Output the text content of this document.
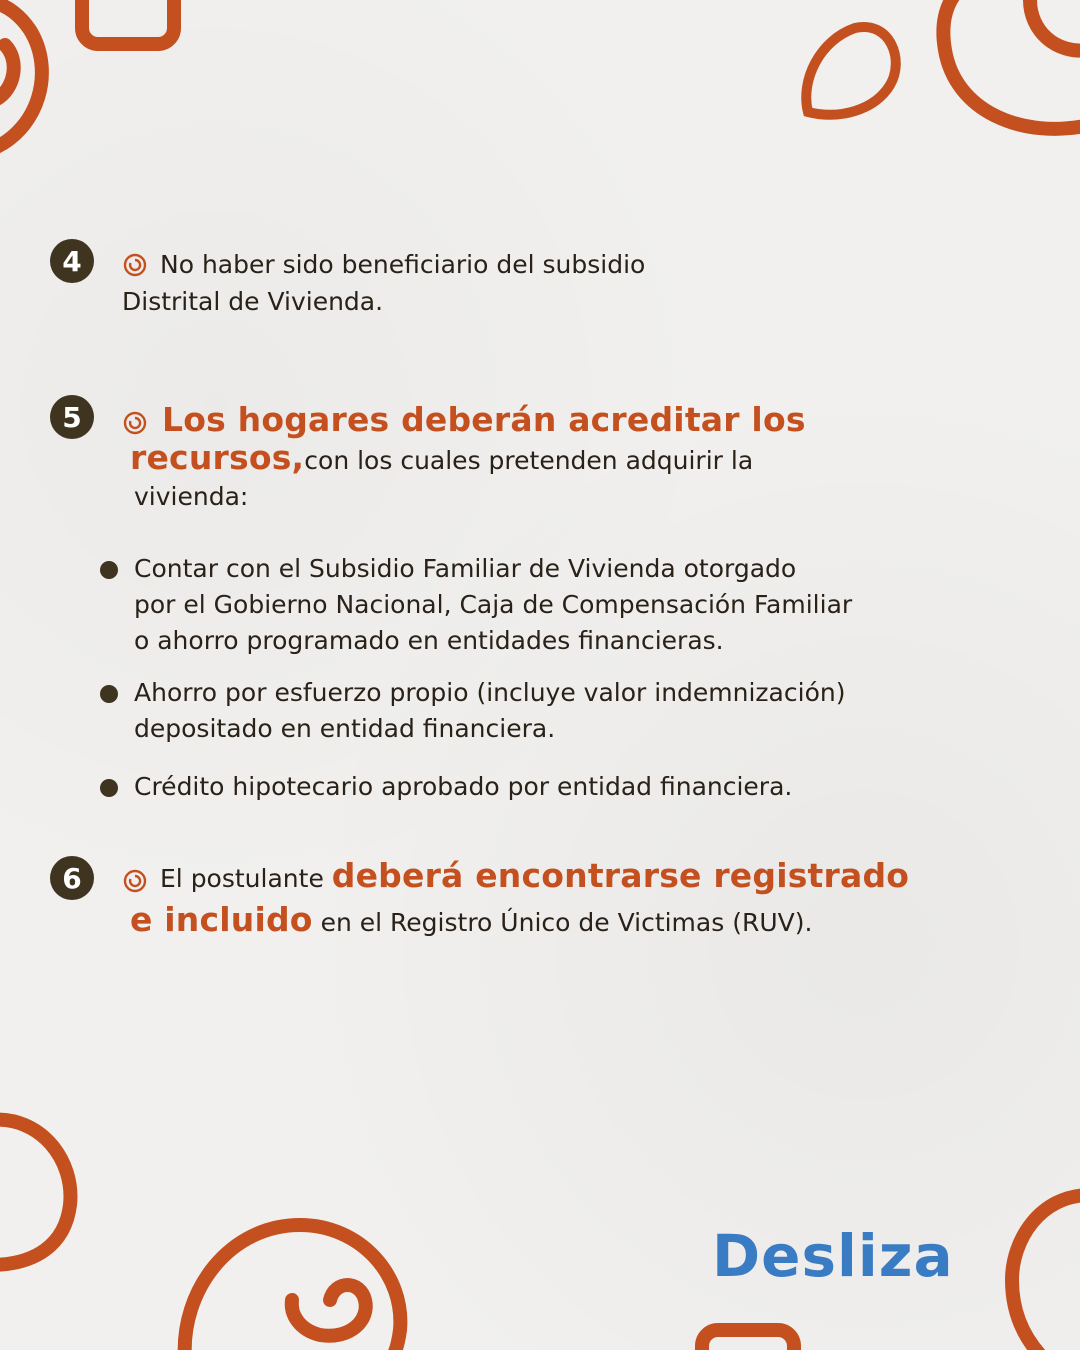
4	No haber sido beneficiario del subsidio
Distrital de Vivienda.
5	Los hogares deberán acreditar los
recursos,con los cuales pretenden adquirir la
vivienda:
Contar con el Subsidio Familiar de Vivienda otorgado
por el Gobierno Nacional, Caja de Compensación Familiar
o ahorro programado en entidades financieras.
Ahorro por esfuerzo propio (incluye valor indemnización)
depositado en entidad financiera.
Crédito hipotecario aprobado por entidad financiera.
6	El postulante deberá encontrarse registrado
e incluido en el Registro Único de Victimas (RUV).
Desliza
